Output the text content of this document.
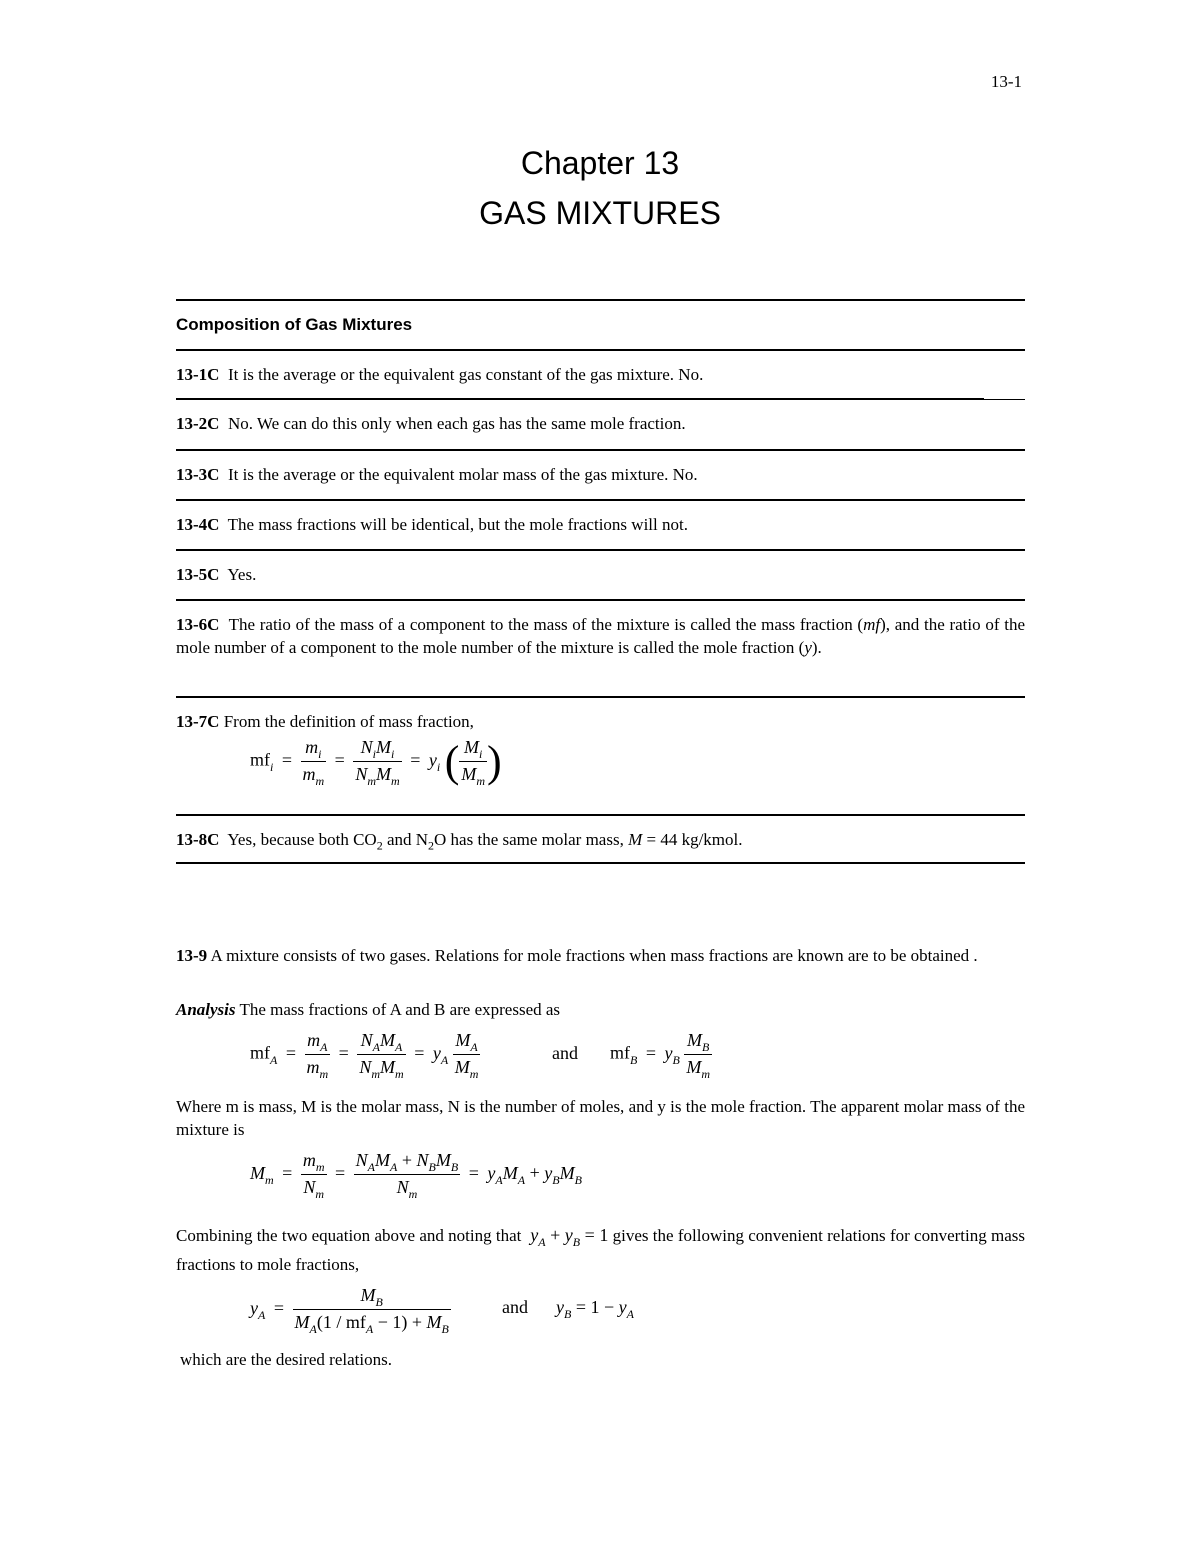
13-1
Chapter 13
GAS MIXTURES
Composition of Gas Mixtures
13-1C It is the average or the equivalent gas constant of the gas mixture. No.
13-2C No. We can do this only when each gas has the same mole fraction.
13-3C It is the average or the equivalent molar mass of the gas mixture. No.
13-4C The mass fractions will be identical, but the mole fractions will not.
13-5C Yes.
13-6C The ratio of the mass of a component to the mass of the mixture is called the mass fraction (mf), and the ratio of the mole number of a component to the mole number of the mixture is called the mole fraction (y).
13-7C From the definition of mass fraction,
$mf_i = \frac{m_i}{m_m} = \frac{N_iM_i}{N_mM_m} = y_i$ ( $\frac{M_i}{M_m}$ )
13-8C Yes, because both $CO_2$ and $N_2O$ has the same molar mass, M = 44 kg/kmol.
13-9 A mixture consists of two gases. Relations for mole fractions when mass fractions are known are to be obtained .
Analysis The mass fractions of A and B are expressed as
$mf_A = \frac{m_A}{m_m} = \frac{N_AM_A}{N_mM_m} = y_A \frac{M_A}{M_m}$	and $mf_B = y_B \frac{M_B}{M_m}$
Where m is mass, M is the molar mass, N is the number of moles, and y is the mole fraction. The apparent molar mass of the mixture is
$M_m = \frac{m_m}{N_m} = \frac{N_AM_A + N_BM_B}{N_m} = y_AM_A + y_BM_B$
Combining the two equation above and noting that $y_A + y_B = 1$ gives the following convenient relations for converting mass fractions to mole fractions,
$y_A = \frac{M_B}{M_A(1 / mf_A - 1) + M_B}$	and $y_B = 1 - y_A$
which are the desired relations.
